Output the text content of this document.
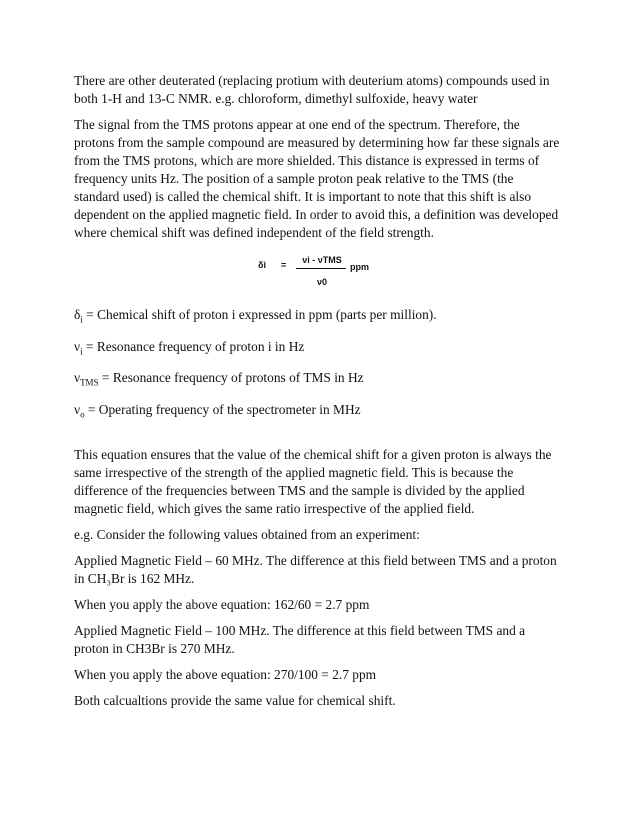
There are other deuterated (replacing protium with deuterium atoms) compounds used in both 1-H and 13-C NMR. e.g. chloroform, dimethyl sulfoxide, heavy water

The signal from the TMS protons appear at one end of the spectrum. Therefore, the protons from the sample compound are measured by determining how far these signals are from the TMS protons, which are more shielded. This distance is expressed in terms of frequency units Hz. The position of a sample proton peak relative to the TMS (the standard used) is called the chemical shift. It is important to note that this shift is also dependent on the applied magnetic field. In order to avoid this, a definition was developed where chemical shift was defined independent of the field strength.

δi = νi - νTMS
ν0
ppm

$\delta_i$ = Chemical shift of proton i expressed in ppm (parts per million).

$\nu_i$ = Resonance frequency of proton i in Hz

$\nu_{TMS}$ = Resonance frequency of protons of TMS in Hz

$\nu_o$ = Operating frequency of the spectrometer in MHz

This equation ensures that the value of the chemical shift for a given proton is always the same irrespective of the strength of the applied magnetic field. This is because the difference of the frequencies between TMS and the sample is divided by the applied magnetic field, which gives the same ratio irrespective of the applied field.

e.g. Consider the following values obtained from an experiment:

Applied Magnetic Field – 60 MHz. The difference at this field between TMS and a proton in CH₃Br is 162 MHz.

When you apply the above equation: 162/60 = 2.7 ppm

Applied Magnetic Field – 100 MHz. The difference at this field between TMS and a proton in CH3Br is 270 MHz.

When you apply the above equation: 270/100 = 2.7 ppm

Both calcualtions provide the same value for chemical shift.
